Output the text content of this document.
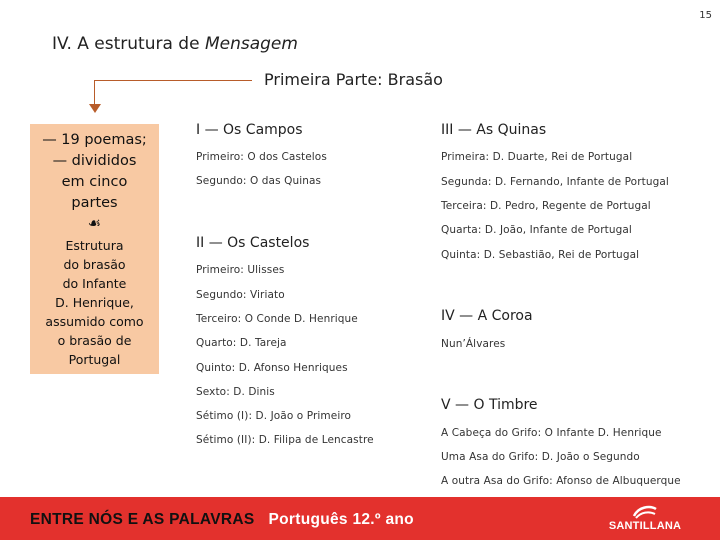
15
IV. A estrutura de Mensagem
Primeira Parte: Brasão
— 19 poemas;
— divididos
em cinco
partes
☙
Estrutura
do brasão
do Infante
D. Henrique,
assumido como
o brasão de
Portugal
I — Os Campos
Primeiro: O dos Castelos
Segundo: O das Quinas
II — Os Castelos
Primeiro: Ulisses
Segundo: Viriato
Terceiro: O Conde D. Henrique
Quarto: D. Tareja
Quinto: D. Afonso Henriques
Sexto: D. Dinis
Sétimo (I): D. João o Primeiro
Sétimo (II): D. Filipa de Lencastre
III — As Quinas
Primeira: D. Duarte, Rei de Portugal
Segunda: D. Fernando, Infante de Portugal
Terceira: D. Pedro, Regente de Portugal
Quarta: D. João, Infante de Portugal
Quinta: D. Sebastião, Rei de Portugal
IV — A Coroa
Nun’Álvares
V — O Timbre
A Cabeça do Grifo: O Infante D. Henrique
Uma Asa do Grifo: D. João o Segundo
A outra Asa do Grifo: Afonso de Albuquerque
ENTRE NÓS E AS PALAVRAS Português 12.º ano	SANTILLANA
